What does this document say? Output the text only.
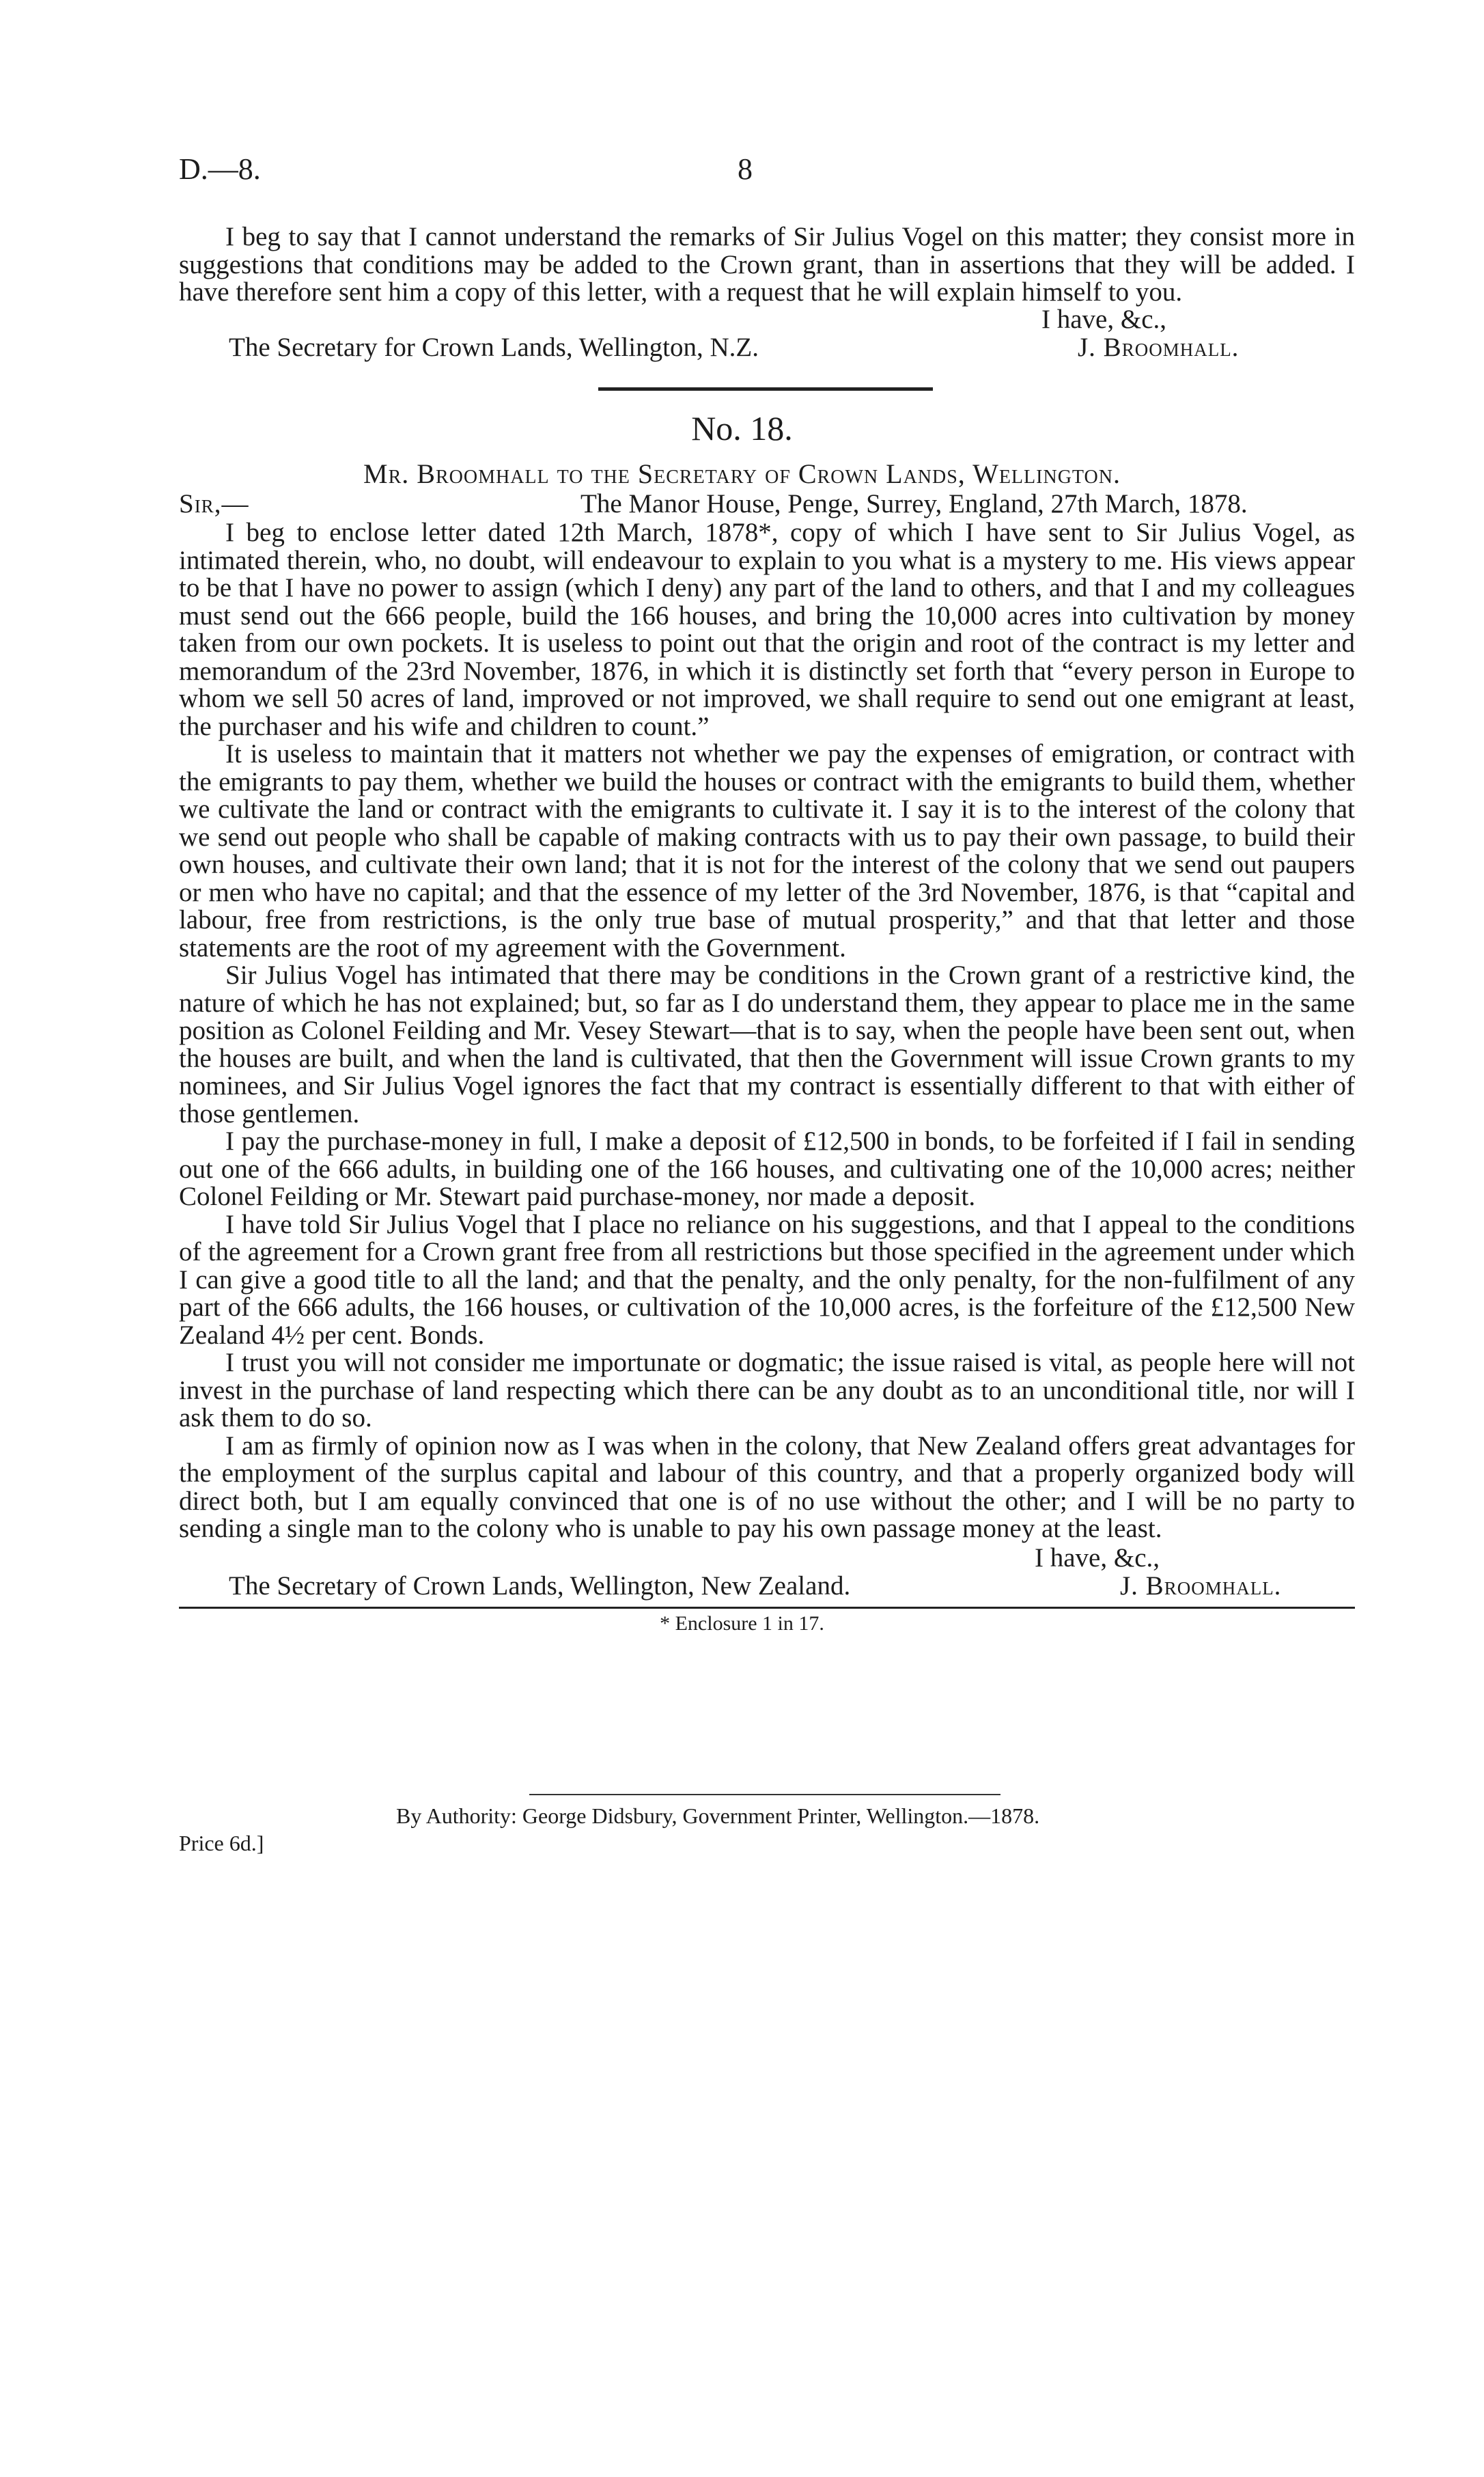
D.—8.	8

I beg to say that I cannot understand the remarks of Sir Julius Vogel on this matter; they consist more in suggestions that conditions may be added to the Crown grant, than in assertions that they will be added. I have therefore sent him a copy of this letter, with a request that he will explain himself to you.

I have, &c.,
The Secretary for Crown Lands, Wellington, N.Z.	J. Broomhall.
No. 18.
Mr. Broomhall to the Secretary of Crown Lands, Wellington.
Sir,—	The Manor House, Penge, Surrey, England, 27th March, 1878.

I beg to enclose letter dated 12th March, 1878*, copy of which I have sent to Sir Julius Vogel, as intimated therein, who, no doubt, will endeavour to explain to you what is a mystery to me. His views appear to be that I have no power to assign (which I deny) any part of the land to others, and that I and my colleagues must send out the 666 people, build the 166 houses, and bring the 10,000 acres into cultivation by money taken from our own pockets. It is useless to point out that the origin and root of the contract is my letter and memorandum of the 23rd November, 1876, in which it is distinctly set forth that “every person in Europe to whom we sell 50 acres of land, improved or not improved, we shall require to send out one emigrant at least, the purchaser and his wife and children to count.”

It is useless to maintain that it matters not whether we pay the expenses of emigration, or contract with the emigrants to pay them, whether we build the houses or contract with the emigrants to build them, whether we cultivate the land or contract with the emigrants to cultivate it. I say it is to the interest of the colony that we send out people who shall be capable of making contracts with us to pay their own passage, to build their own houses, and cultivate their own land; that it is not for the interest of the colony that we send out paupers or men who have no capital; and that the essence of my letter of the 3rd November, 1876, is that “capital and labour, free from restrictions, is the only true base of mutual prosperity,” and that that letter and those statements are the root of my agreement with the Government.

Sir Julius Vogel has intimated that there may be conditions in the Crown grant of a restrictive kind, the nature of which he has not explained; but, so far as I do understand them, they appear to place me in the same position as Colonel Feilding and Mr. Vesey Stewart—that is to say, when the people have been sent out, when the houses are built, and when the land is cultivated, that then the Government will issue Crown grants to my nominees, and Sir Julius Vogel ignores the fact that my contract is essentially different to that with either of those gentlemen.

I pay the purchase-money in full, I make a deposit of £12,500 in bonds, to be forfeited if I fail in sending out one of the 666 adults, in building one of the 166 houses, and cultivating one of the 10,000 acres; neither Colonel Feilding or Mr. Stewart paid purchase-money, nor made a deposit.

I have told Sir Julius Vogel that I place no reliance on his suggestions, and that I appeal to the conditions of the agreement for a Crown grant free from all restrictions but those specified in the agreement under which I can give a good title to all the land; and that the penalty, and the only penalty, for the non-fulfilment of any part of the 666 adults, the 166 houses, or cultivation of the 10,000 acres, is the forfeiture of the £12,500 New Zealand 4½ per cent. Bonds.

I trust you will not consider me importunate or dogmatic; the issue raised is vital, as people here will not invest in the purchase of land respecting which there can be any doubt as to an unconditional title, nor will I ask them to do so.

I am as firmly of opinion now as I was when in the colony, that New Zealand offers great advantages for the employment of the surplus capital and labour of this country, and that a properly organized body will direct both, but I am equally convinced that one is of no use without the other; and I will be no party to sending a single man to the colony who is unable to pay his own passage money at the least.

I have, &c.,
The Secretary of Crown Lands, Wellington, New Zealand.	J. Broomhall.
* Enclosure 1 in 17.
By Authority: George Didsbury, Government Printer, Wellington.—1878.
Price 6d.]
